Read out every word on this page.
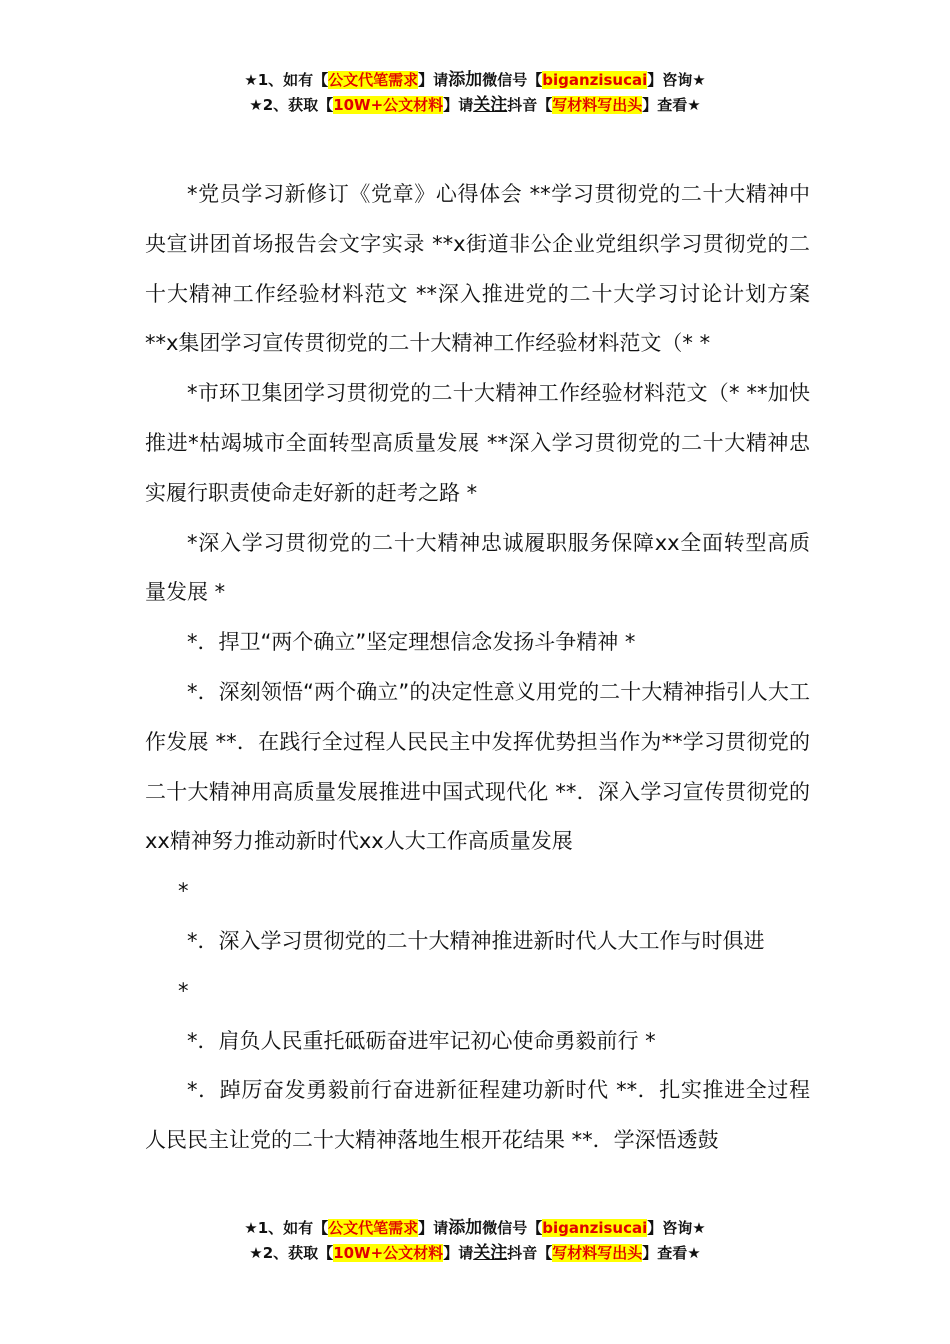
★1、如有【公文代笔需求】请添加微信号【biganzisucai】咨询★
★2、获取【10W+公文材料】请关注抖音【写材料写出头】查看★

*党员学习新修订《党章》心得体会 **学习贯彻党的二十大精神中央宣讲团首场报告会文字实录 **x街道非公企业党组织学习贯彻党的二十大精神工作经验材料范文 **深入推进党的二十大学习讨论计划方案 **x集团学习宣传贯彻党的二十大精神工作经验材料范文（* *

*市环卫集团学习贯彻党的二十大精神工作经验材料范文（* **加快推进*枯竭城市全面转型高质量发展 **深入学习贯彻党的二十大精神忠实履行职责使命走好新的赶考之路 *

*深入学习贯彻党的二十大精神忠诚履职服务保障xx全面转型高质量发展 *

*．捍卫“两个确立”坚定理想信念发扬斗争精神 *

*．深刻领悟“两个确立”的决定性意义用党的二十大精神指引人大工作发展 **．在践行全过程人民民主中发挥优势担当作为**学习贯彻党的二十大精神用高质量发展推进中国式现代化 **．深入学习宣传贯彻党的xx精神努力推动新时代xx人大工作高质量发展

*

*．深入学习贯彻党的二十大精神推进新时代人大工作与时俱进

*

*．肩负人民重托砥砺奋进牢记初心使命勇毅前行 *

*．踔厉奋发勇毅前行奋进新征程建功新时代 **．扎实推进全过程人民民主让党的二十大精神落地生根开花结果 **．学深悟透鼓

★1、如有【公文代笔需求】请添加微信号【biganzisucai】咨询★
★2、获取【10W+公文材料】请关注抖音【写材料写出头】查看★
